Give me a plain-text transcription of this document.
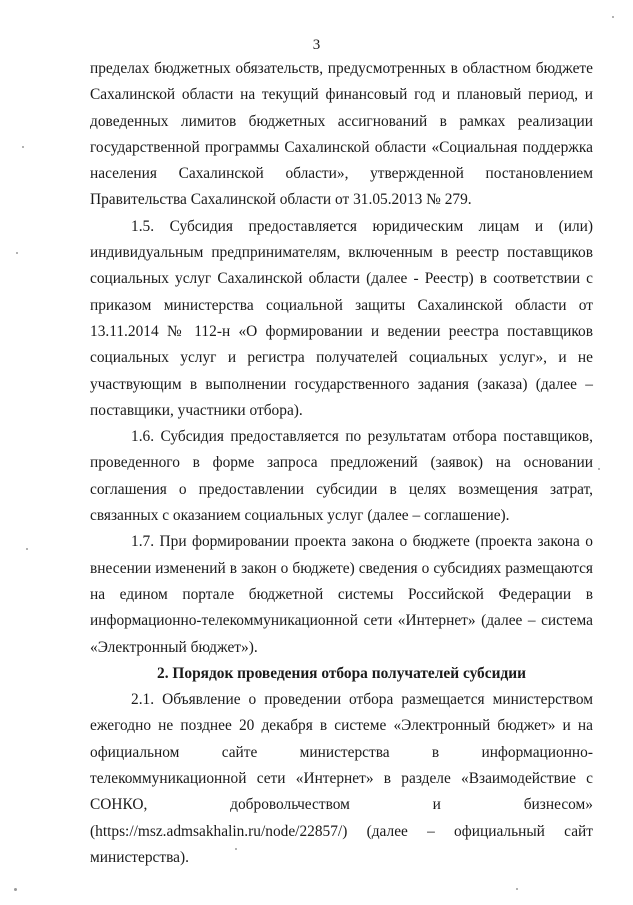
3

пределах бюджетных обязательств, предусмотренных в областном бюджете Сахалинской области на текущий финансовый год и плановый период, и доведенных лимитов бюджетных ассигнований в рамках реализации государственной программы Сахалинской области «Социальная поддержка населения Сахалинской области», утвержденной постановлением Правительства Сахалинской области от 31.05.2013 № 279.

1.5. Субсидия предоставляется юридическим лицам и (или) индивидуальным предпринимателям, включенным в реестр поставщиков социальных услуг Сахалинской области (далее - Реестр) в соответствии с приказом министерства социальной защиты Сахалинской области от 13.11.2014 № 112-н «О формировании и ведении реестра поставщиков социальных услуг и регистра получателей социальных услуг», и не участвующим в выполнении государственного задания (заказа) (далее – поставщики, участники отбора).

1.6. Субсидия предоставляется по результатам отбора поставщиков, проведенного в форме запроса предложений (заявок) на основании соглашения о предоставлении субсидии в целях возмещения затрат, связанных с оказанием социальных услуг (далее – соглашение).

1.7. При формировании проекта закона о бюджете (проекта закона о внесении изменений в закон о бюджете) сведения о субсидиях размещаются на едином портале бюджетной системы Российской Федерации в информационно-телекоммуникационной сети «Интернет» (далее – система «Электронный бюджет»).

2. Порядок проведения отбора получателей субсидии

2.1. Объявление о проведении отбора размещается министерством ежегодно не позднее 20 декабря в системе «Электронный бюджет» и на официальном сайте министерства в информационно-телекоммуникационной сети «Интернет» в разделе «Взаимодействие с СОНКО, добровольчеством и бизнесом» (https://msz.admsakhalin.ru/node/22857/) (далее – официальный сайт министерства).
